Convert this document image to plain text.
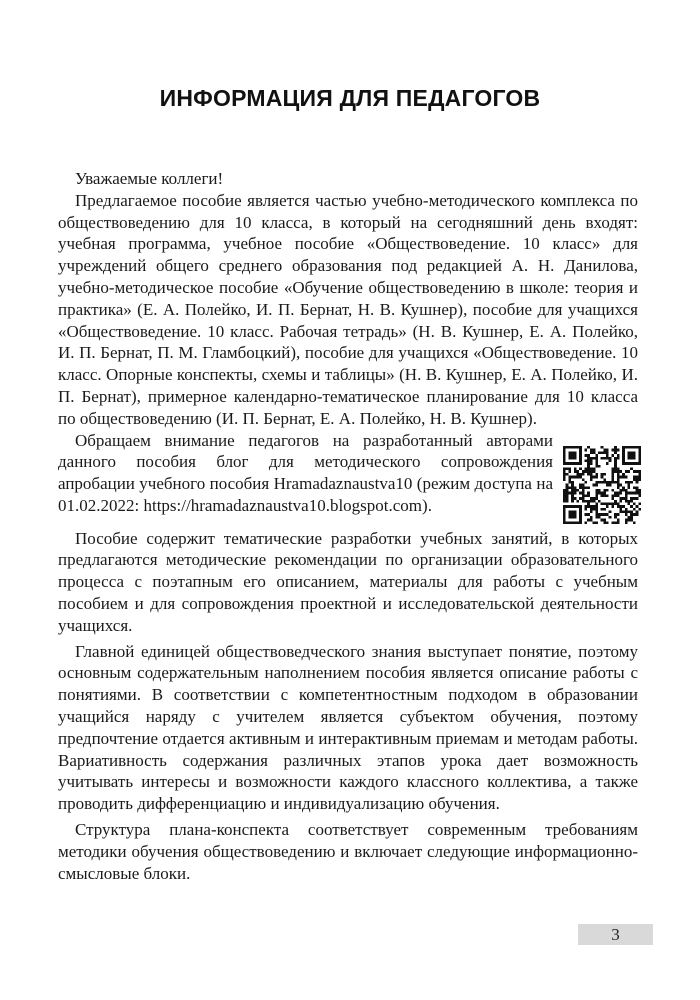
ИНФОРМАЦИЯ ДЛЯ ПЕДАГОГОВ

Уважаемые коллеги!

Предлагаемое пособие является частью учебно-методического комплекса по обществоведению для 10 класса, в который на сегодняшний день входят: учебная программа, учебное пособие «Обществоведение. 10 класс» для учреждений общего среднего образования под редакцией А. Н. Данилова, учебно-методическое пособие «Обучение обществоведению в школе: теория и практика» (Е. А. Полейко, И. П. Бернат, Н. В. Кушнер), пособие для учащихся «Обществоведение. 10 класс. Рабочая тетрадь» (Н. В. Кушнер, Е. А. Полейко, И. П. Бернат, П. М. Гламбоцкий), пособие для учащихся «Обществоведение. 10 класс. Опорные конспекты, схемы и таблицы» (Н. В. Кушнер, Е. А. Полейко, И. П. Бернат), примерное календарно-тематическое планирование для 10 класса по обществоведению (И. П. Бернат, Е. А. Полейко, Н. В. Кушнер).

Обращаем внимание педагогов на разработанный авторами данного пособия блог для методического сопровождения апробации учебного пособия Hramadaznaustva10 (режим доступа на 01.02.2022: https://hramadaznaustva10.blogspot.com).

Пособие содержит тематические разработки учебных занятий, в которых предлагаются методические рекомендации по организации образовательного процесса с поэтапным его описанием, материалы для работы с учебным пособием и для сопровождения проектной и исследовательской деятельности учащихся.

Главной единицей обществоведческого знания выступает понятие, поэтому основным содержательным наполнением пособия является описание работы с понятиями. В соответствии с компетентностным подходом в образовании учащийся наряду с учителем является субъектом обучения, поэтому предпочтение отдается активным и интерактивным приемам и методам работы. Вариативность содержания различных этапов урока дает возможность учитывать интересы и возможности каждого классного коллектива, а также проводить дифференциацию и индивидуализацию обучения.

Структура плана-конспекта соответствует современным требованиям методики обучения обществоведению и включает следующие информационно-смысловые блоки.

3
